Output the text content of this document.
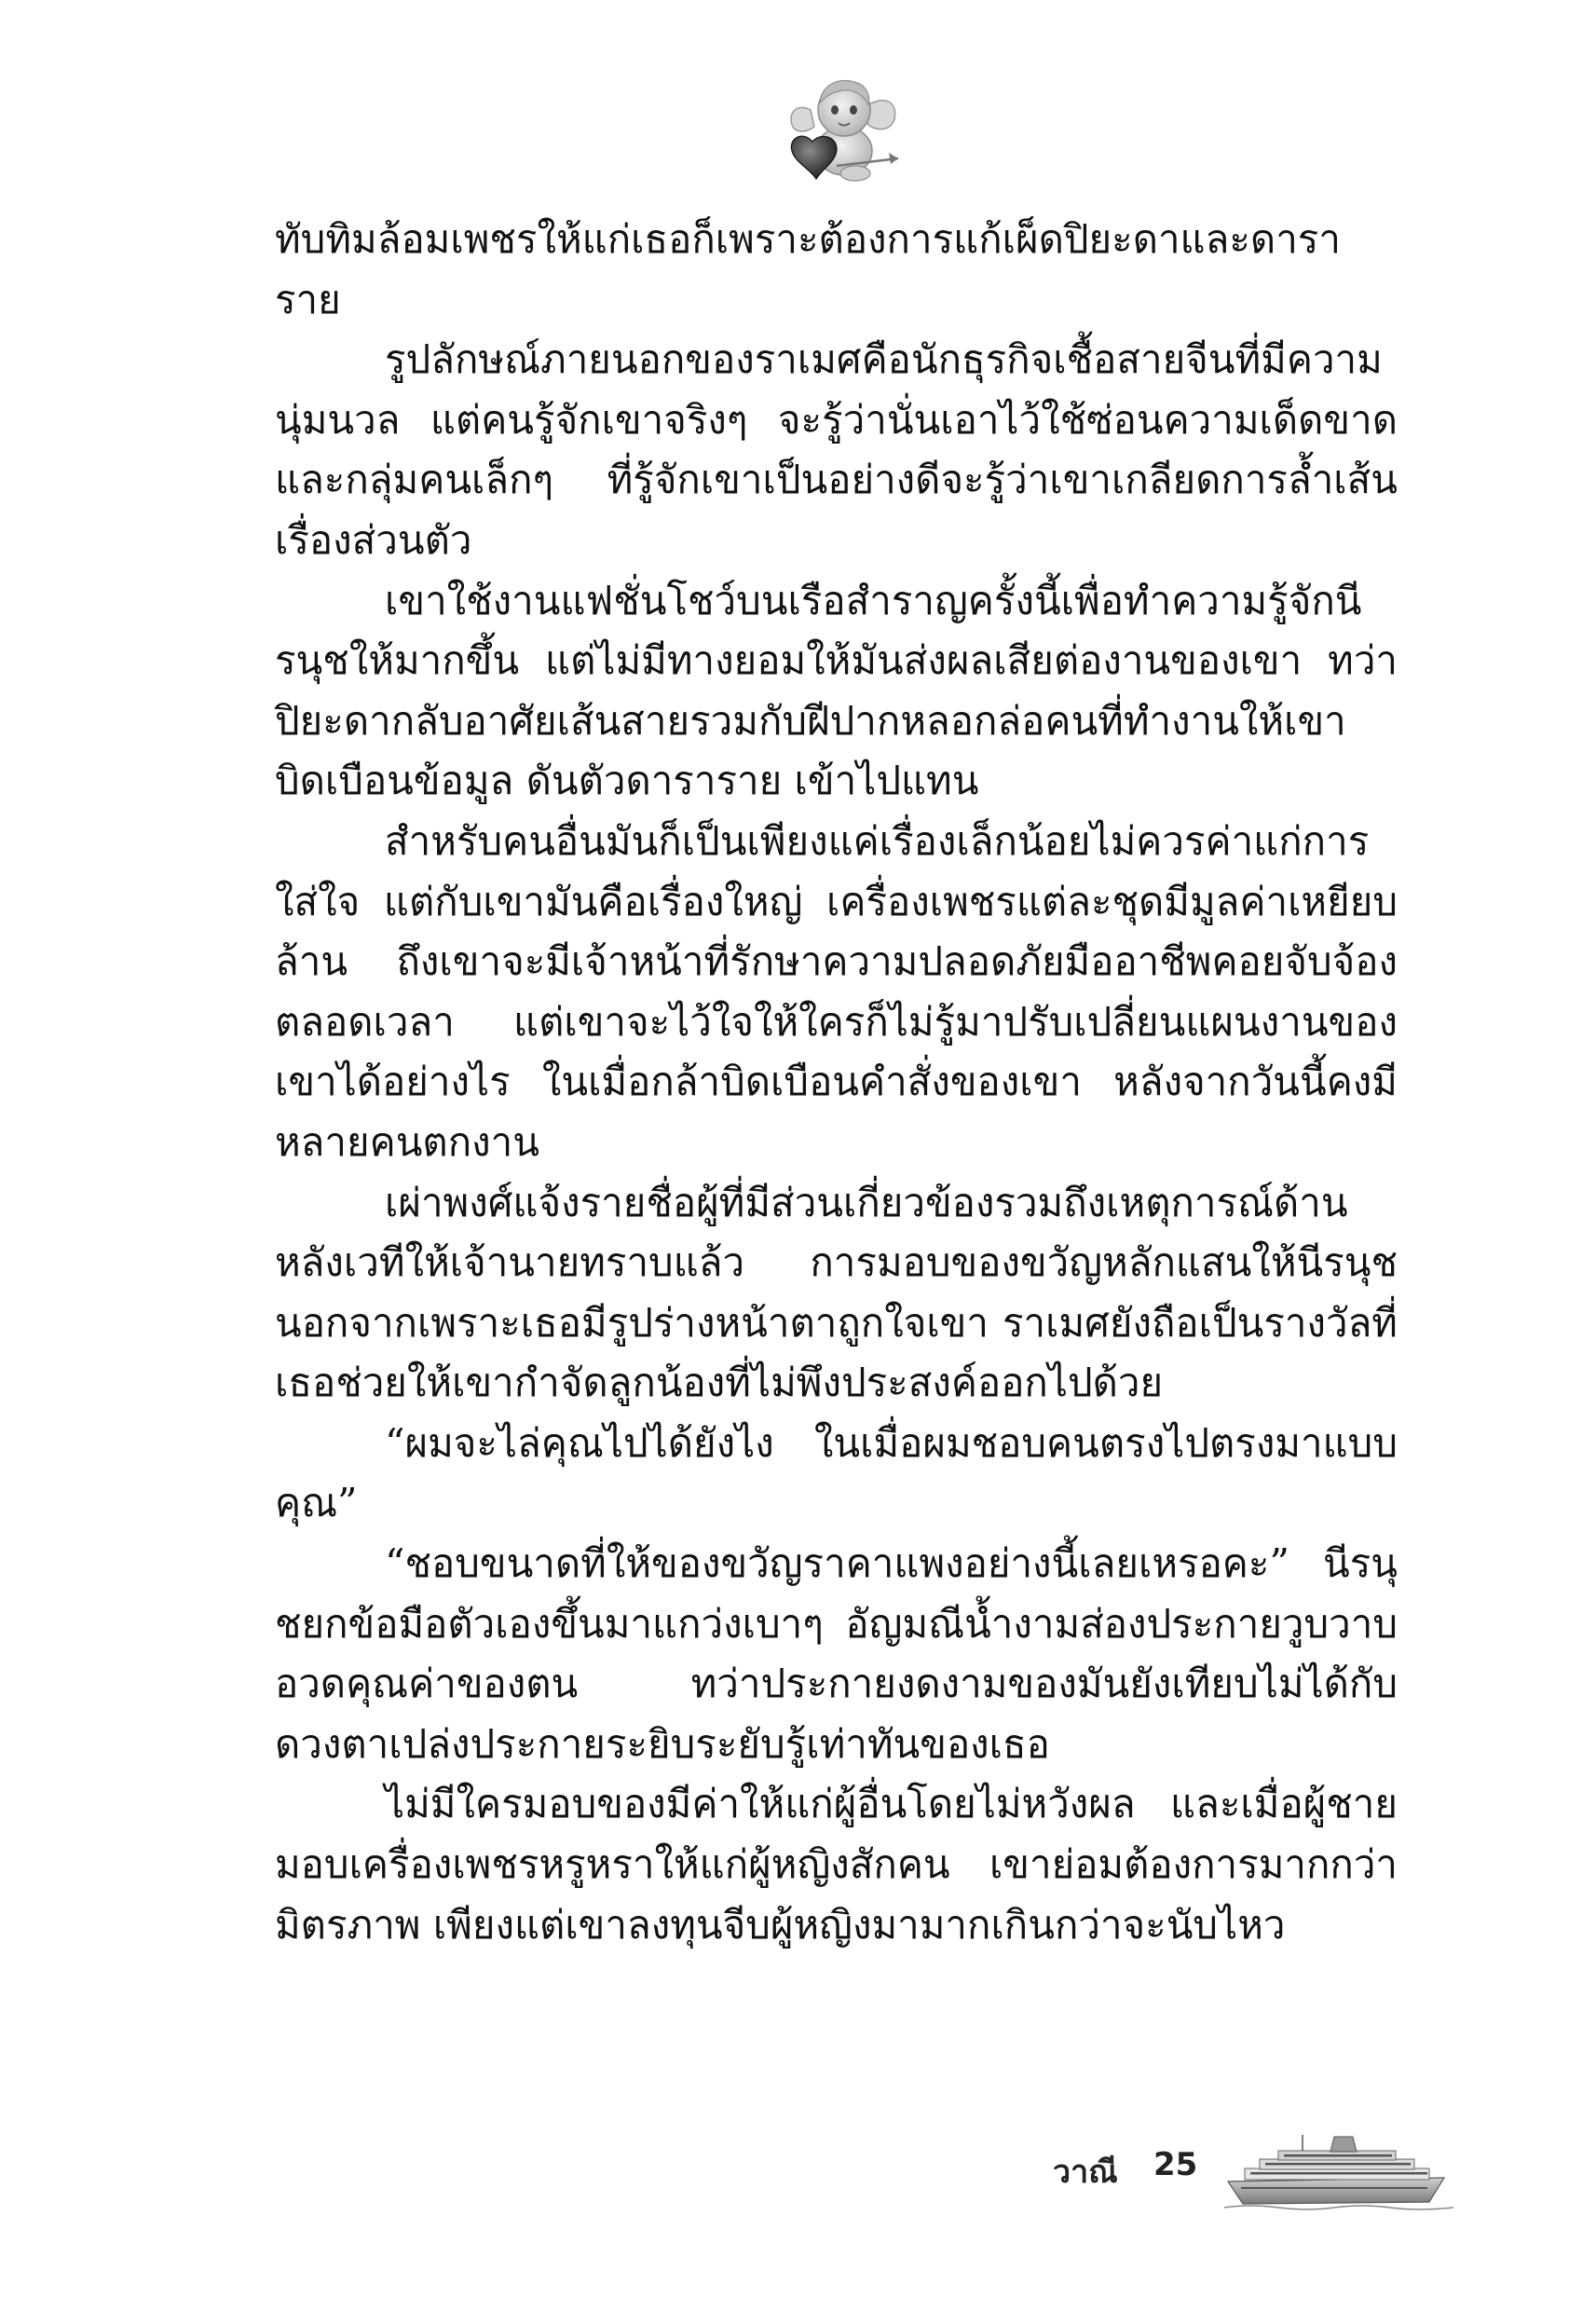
ทับทิมล้อมเพชรให้แก่เธอก็เพราะต้องการแก้เผ็ดปิยะดาและดาราราย

รูปลักษณ์ภายนอกของราเมศคือนักธุรกิจเชื้อสายจีนที่มีความนุ่มนวล แต่คนรู้จักเขาจริงๆ จะรู้ว่านั่นเอาไว้ใช้ซ่อนความเด็ดขาด และกลุ่มคนเล็กๆ ที่รู้จักเขาเป็นอย่างดีจะรู้ว่าเขาเกลียดการล้ำเส้นเรื่องส่วนตัว

เขาใช้งานแฟชั่นโชว์บนเรือสำราญครั้งนี้เพื่อทำความรู้จักนีรนุชให้มากขึ้น แต่ไม่มีทางยอมให้มันส่งผลเสียต่องานของเขา ทว่าปิยะดากลับอาศัยเส้นสายรวมกับฝีปากหลอกล่อคนที่ทำงานให้เขา บิดเบือนข้อมูล ดันตัวดาราราย เข้าไปแทน

สำหรับคนอื่นมันก็เป็นเพียงแค่เรื่องเล็กน้อยไม่ควรค่าแก่การใส่ใจ แต่กับเขามันคือเรื่องใหญ่ เครื่องเพชรแต่ละชุดมีมูลค่าเหยียบล้าน ถึงเขาจะมีเจ้าหน้าที่รักษาความปลอดภัยมืออาชีพคอยจับจ้องตลอดเวลา แต่เขาจะไว้ใจให้ใครก็ไม่รู้มาปรับเปลี่ยนแผนงานของเขาได้อย่างไร ในเมื่อกล้าบิดเบือนคำสั่งของเขา หลังจากวันนี้คงมีหลายคนตกงาน

เผ่าพงศ์แจ้งรายชื่อผู้ที่มีส่วนเกี่ยวข้องรวมถึงเหตุการณ์ด้านหลังเวทีให้เจ้านายทราบแล้ว การมอบของขวัญหลักแสนให้นีรนุช นอกจากเพราะเธอมีรูปร่างหน้าตาถูกใจเขา ราเมศยังถือเป็นรางวัลที่เธอช่วยให้เขากำจัดลูกน้องที่ไม่พึงประสงค์ออกไปด้วย

“ผมจะไล่คุณไปได้ยังไง ในเมื่อผมชอบคนตรงไปตรงมาแบบคุณ”

“ชอบขนาดที่ให้ของขวัญราคาแพงอย่างนี้เลยเหรอคะ” นีรนุชยกข้อมือตัวเองขึ้นมาแกว่งเบาๆ อัญมณีน้ำงามส่องประกายวูบวาบอวดคุณค่าของตน ทว่าประกายงดงามของมันยังเทียบไม่ได้กับดวงตาเปล่งประกายระยิบระยับรู้เท่าทันของเธอ

ไม่มีใครมอบของมีค่าให้แก่ผู้อื่นโดยไม่หวังผล และเมื่อผู้ชายมอบเครื่องเพชรหรูหราให้แก่ผู้หญิงสักคน เขาย่อมต้องการมากกว่ามิตรภาพ เพียงแต่เขาลงทุนจีบผู้หญิงมามากเกินกว่าจะนับไหว

วาณี 25
